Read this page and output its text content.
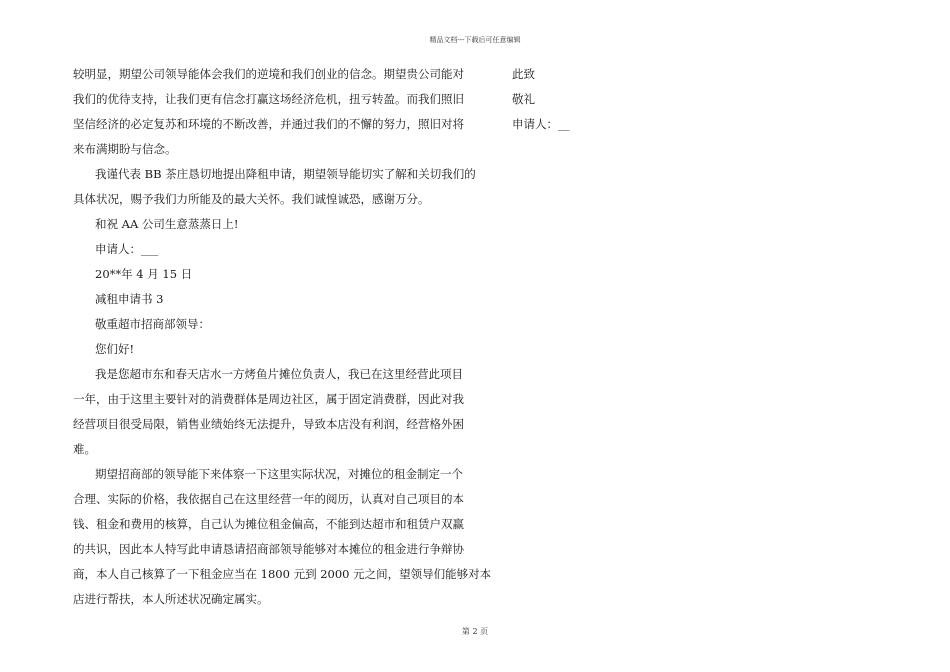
精品文档---下载后可任意编辑
较明显，期望公司领导能体会我们的逆境和我们创业的信念。期望贵公司能对
我们的优待支持，让我们更有信念打赢这场经济危机，扭亏转盈。而我们照旧
坚信经济的必定复苏和环境的不断改善，并通过我们的不懈的努力，照旧对将
来布满期盼与信念。
我谨代表 BB 茶庄恳切地提出降租申请，期望领导能切实了解和关切我们的
具体状况，赐予我们力所能及的最大关怀。我们诚惶诚恐，感谢万分。
和祝 AA 公司生意蒸蒸日上!
申请人：___
20**年 4 月 15 日
减租申请书 3
敬重超市招商部领导：
您们好!
我是您超市东和春天店水一方烤鱼片摊位负责人，我已在这里经营此项目
一年，由于这里主要针对的消费群体是周边社区，属于固定消费群，因此对我
经营项目很受局限，销售业绩始终无法提升，导致本店没有利润，经营格外困
难。
期望招商部的领导能下来体察一下这里实际状况，对摊位的租金制定一个
合理、实际的价格，我依据自己在这里经营一年的阅历，认真对自己项目的本
钱、租金和费用的核算，自己认为摊位租金偏高，不能到达超市和租赁户双赢
的共识，因此本人特写此申请恳请招商部领导能够对本摊位的租金进行争辩协
商，本人自己核算了一下租金应当在 1800 元到 2000 元之间，望领导们能够对本
店进行帮扶，本人所述状况确定属实。
此致
敬礼
申请人：__
第 2 页
